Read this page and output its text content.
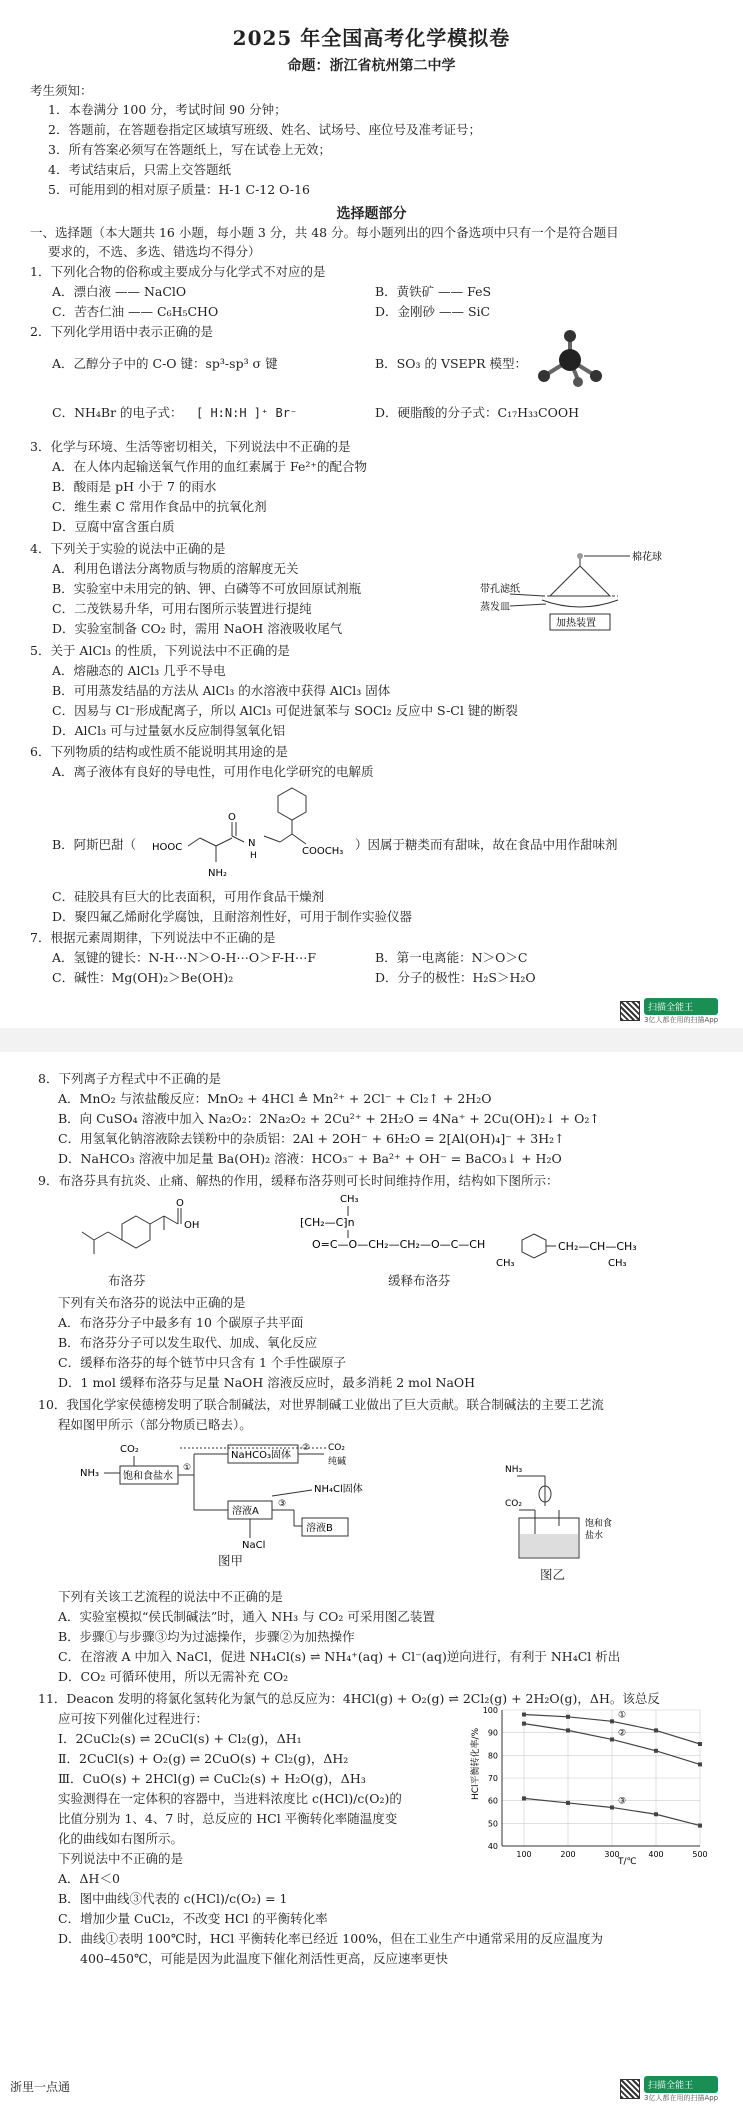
2025 年全国高考化学模拟卷
命题：浙江省杭州第二中学
考生须知：
1．本卷满分 100 分，考试时间 90 分钟；
2．答题前，在答题卷指定区域填写班级、姓名、试场号、座位号及准考证号；
3．所有答案必须写在答题纸上，写在试卷上无效；
4．考试结束后，只需上交答题纸
5．可能用到的相对原子质量：H-1 C-12 O-16
选择题部分
一、选择题（本大题共 16 小题，每小题 3 分，共 48 分。每小题列出的四个备选项中只有一个是符合题目
要求的，不选、多选、错选均不得分）
1．下列化合物的俗称或主要成分与化学式不对应的是
A．漂白液 —— NaClO	B．黄铁矿 —— FeS
C．苦杏仁油 —— C₆H₅CHO	D．金刚砂 —— SiC
2．下列化学用语中表示正确的是
A．乙醇分子中的 C-O 键：sp³-sp³ σ 键	B．SO₃ 的 VSEPR 模型：
C．NH₄Br 的电子式： [ H:N:H ]⁺ Br⁻	D．硬脂酸的分子式：C₁₇H₃₃COOH
3．化学与环境、生活等密切相关，下列说法中不正确的是
A．在人体内起输送氧气作用的血红素属于 Fe²⁺的配合物
B．酸雨是 pH 小于 7 的雨水
C．维生素 C 常用作食品中的抗氧化剂
D．豆腐中富含蛋白质
4．下列关于实验的说法中正确的是
A．利用色谱法分离物质与物质的溶解度无关
B．实验室中未用完的钠、钾、白磷等不可放回原试剂瓶
C．二茂铁易升华，可用右图所示装置进行提纯
D．实验室制备 CO₂ 时，需用 NaOH 溶液吸收尾气
棉花球
带孔滤纸
蒸发皿
加热装置
5．关于 AlCl₃ 的性质，下列说法中不正确的是
A．熔融态的 AlCl₃ 几乎不导电
B．可用蒸发结晶的方法从 AlCl₃ 的水溶液中获得 AlCl₃ 固体
C．因易与 Cl⁻形成配离子，所以 AlCl₃ 可促进氯苯与 SOCl₂ 反应中 S-Cl 键的断裂
D．AlCl₃ 可与过量氨水反应制得氢氧化铝
6．下列物质的结构或性质不能说明其用途的是
A．离子液体有良好的导电性，可用作电化学研究的电解质
B．阿斯巴甜（
O
N
H
HOOC
NH₂
COOCH₃ ）因属于糖类而有甜味，故在食品中用作甜味剂
C．硅胶具有巨大的比表面积，可用作食品干燥剂
D．聚四氟乙烯耐化学腐蚀，且耐溶剂性好，可用于制作实验仪器
7．根据元素周期律，下列说法中不正确的是
A．氢键的键长：N-H⋯N＞O-H⋯O＞F-H⋯F	B．第一电离能：N＞O＞C
C．碱性：Mg(OH)₂＞Be(OH)₂	D．分子的极性：H₂S＞H₂O
扫描全能王
3亿人都在用的扫描App
8．下列离子方程式中不正确的是
A．MnO₂ 与浓盐酸反应：MnO₂ + 4HCl ≜ Mn²⁺ + 2Cl⁻ + Cl₂↑ + 2H₂O
B．向 CuSO₄ 溶液中加入 Na₂O₂：2Na₂O₂ + 2Cu²⁺ + 2H₂O = 4Na⁺ + 2Cu(OH)₂↓ + O₂↑
C．用氢氧化钠溶液除去镁粉中的杂质铝：2Al + 2OH⁻ + 6H₂O = 2[Al(OH)₄]⁻ + 3H₂↑
D．NaHCO₃ 溶液中加足量 Ba(OH)₂ 溶液：HCO₃⁻ + Ba²⁺ + OH⁻ = BaCO₃↓ + H₂O
9．布洛芬具有抗炎、止痛、解热的作用，缓释布洛芬则可长时间维持作用，结构如下图所示：
O
OH
布洛芬
CH₃
⁅CH₂—C⁆n
O=C—O—CH₂—CH₂—O—C—CH	CH₂—CH—CH₃
CH₃	CH₃
缓释布洛芬
下列有关布洛芬的说法中正确的是
A．布洛芬分子中最多有 10 个碳原子共平面
B．布洛芬分子可以发生取代、加成、氧化反应
C．缓释布洛芬的每个链节中只含有 1 个手性碳原子
D．1 mol 缓释布洛芬与足量 NaOH 溶液反应时，最多消耗 2 mol NaOH
10．我国化学家侯德榜发明了联合制碱法，对世界制碱工业做出了巨大贡献。联合制碱法的主要工艺流
程如图甲所示（部分物质已略去）。
NH₃
CO₂
饱和食盐水
①
NaHCO₃固体
② CO₂
纯碱
溶液A
NH₄Cl固体
③
溶液B
NaCl
图甲
NH₃
CO₂
饱和食
盐水
图乙
下列有关该工艺流程的说法中不正确的是
A．实验室模拟“侯氏制碱法”时，通入 NH₃ 与 CO₂ 可采用图乙装置
B．步骤①与步骤③均为过滤操作，步骤②为加热操作
C．在溶液 A 中加入 NaCl，促进 NH₄Cl(s) ⇌ NH₄⁺(aq) + Cl⁻(aq)逆向进行，有利于 NH₄Cl 析出
D．CO₂ 可循环使用，所以无需补充 CO₂
11．Deacon 发明的将氯化氢转化为氯气的总反应为：4HCl(g) + O₂(g) ⇌ 2Cl₂(g) + 2H₂O(g)，ΔH。该总反
应可按下列催化过程进行：
Ⅰ．2CuCl₂(s) ⇌ 2CuCl(s) + Cl₂(g)，ΔH₁
Ⅱ．2CuCl(s) + O₂(g) ⇌ 2CuO(s) + Cl₂(g)，ΔH₂
Ⅲ．CuO(s) + 2HCl(g) ⇌ CuCl₂(s) + H₂O(g)，ΔH₃
实验测得在一定体积的容器中，当进料浓度比 c(HCl)/c(O₂)的
比值分别为 1、4、7 时，总反应的 HCl 平衡转化率随温度变
化的曲线如右图所示。
下列说法中不正确的是
A．ΔH＜0
B．图中曲线③代表的 c(HCl)/c(O₂) = 1
C．增加少量 CuCl₂，不改变 HCl 的平衡转化率
D．曲线①表明 100℃时，HCl 平衡转化率已经近 100%，但在工业生产中通常采用的反应温度为
400–450℃，可能是因为此温度下催化剂活性更高，反应速率更快
40
50
60
70
80
90
100
100	200	300	400	500
①
②
③
HCl平衡转化率/%
T/℃
扫描全能王
3亿人都在用的扫描App
浙里一点通
